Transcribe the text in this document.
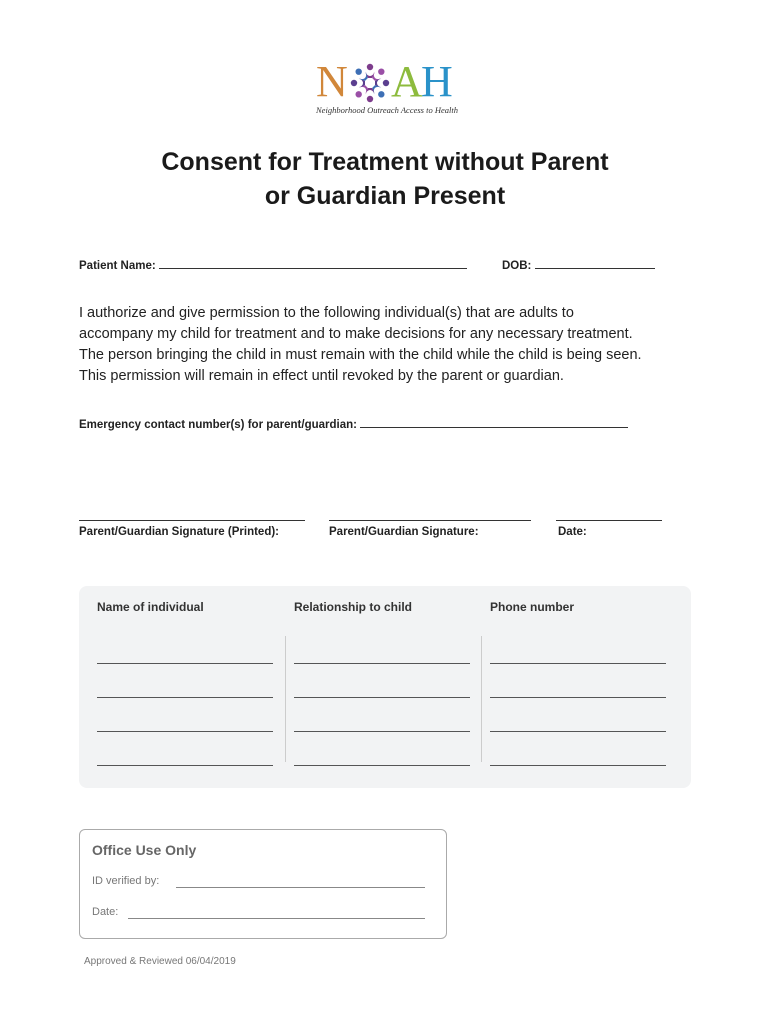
N A
H
Neighborhood Outreach Access to Health
Consent for Treatment without Parent
or Guardian Present
Patient Name:	DOB:
I authorize and give permission to the following individual(s) that are adults to
accompany my child for treatment and to make decisions for any necessary treatment.
The person bringing the child in must remain with the child while the child is being seen.
This permission will remain in effect until revoked by the parent or guardian.
Emergency contact number(s) for parent/guardian:
Parent/Guardian Signature (Printed):	Parent/Guardian Signature:	Date:
Name of individual	Relationship to child	Phone number
Office Use Only
ID verified by:
Date:
Approved & Reviewed 06/04/2019
